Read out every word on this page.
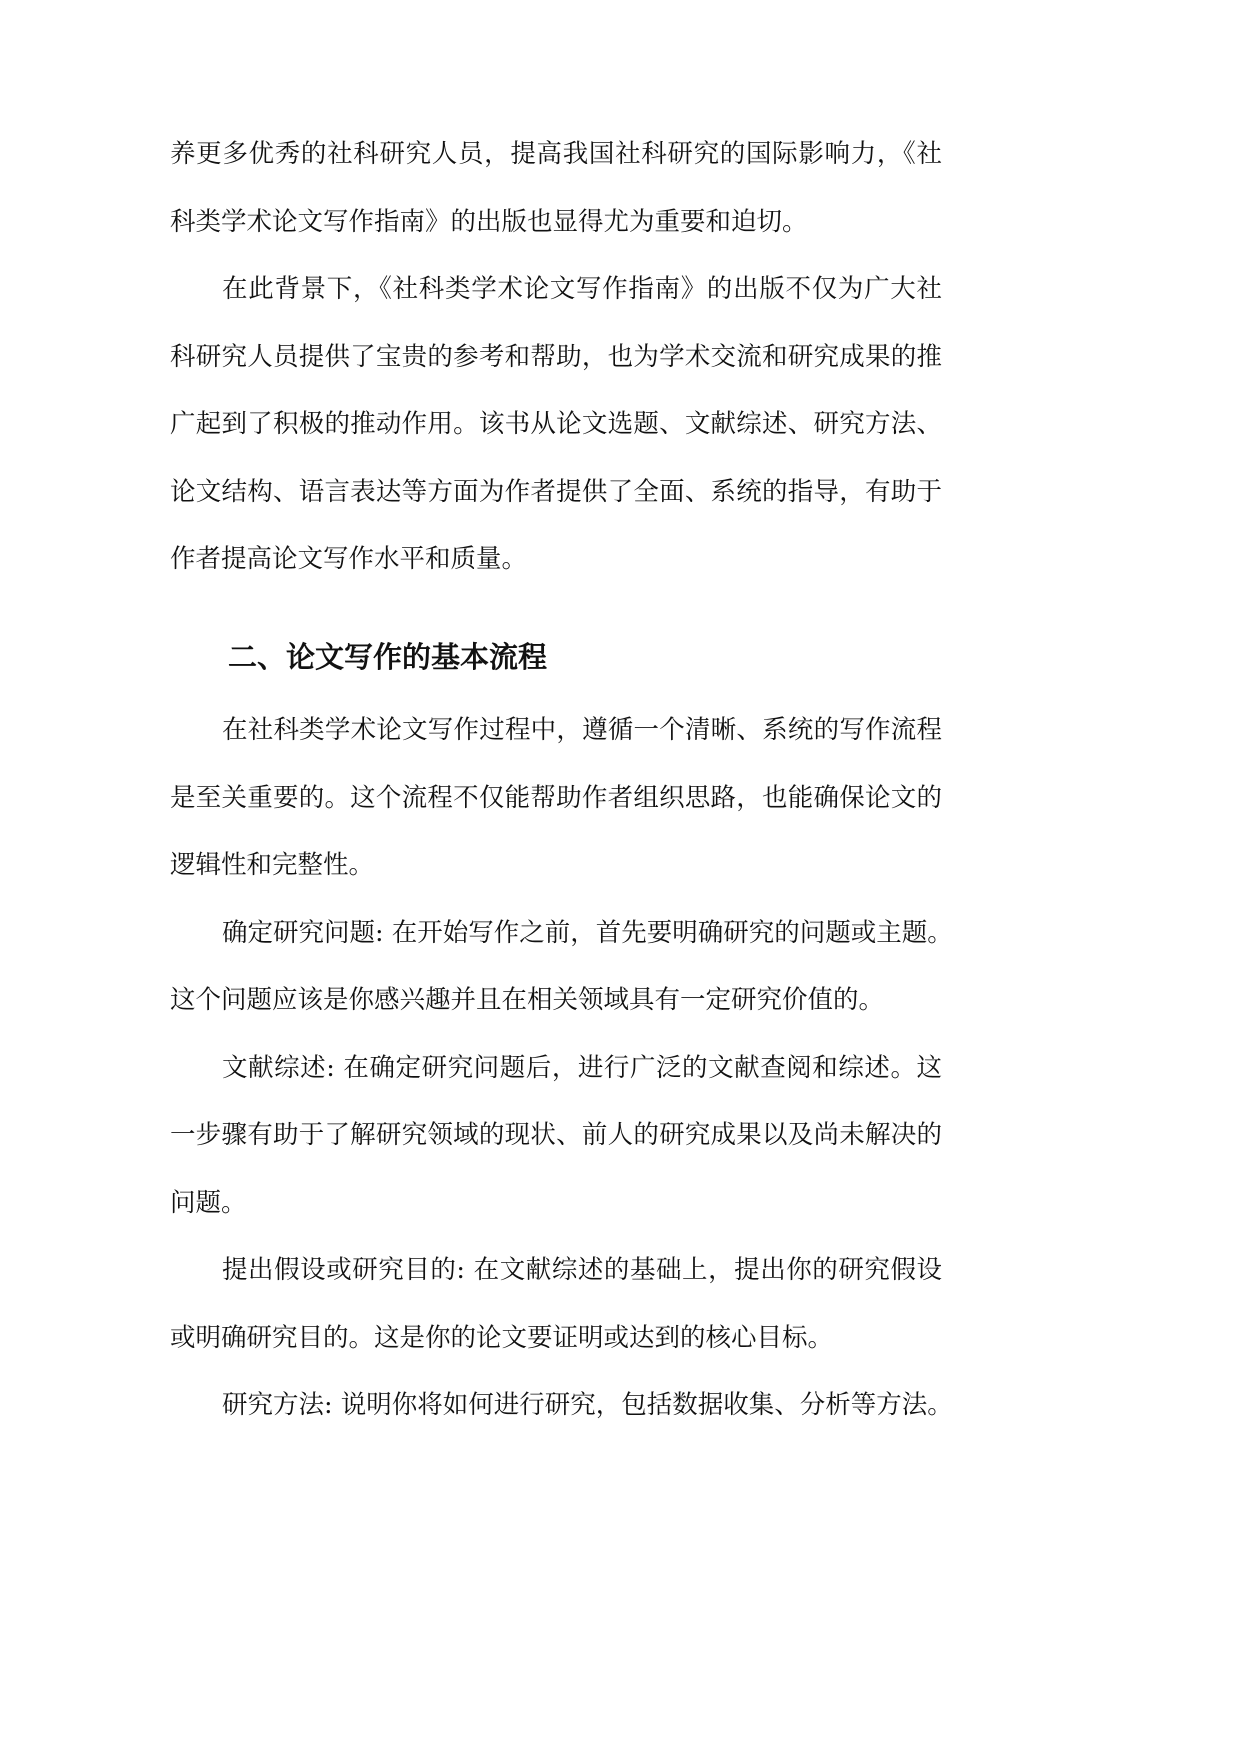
养更多优秀的社科研究人员，提高我国社科研究的国际影响力，《社
科类学术论文写作指南》的出版也显得尤为重要和迫切。
在此背景下，《社科类学术论文写作指南》的出版不仅为广大社
科研究人员提供了宝贵的参考和帮助，也为学术交流和研究成果的推
广起到了积极的推动作用。该书从论文选题、文献综述、研究方法、
论文结构、语言表达等方面为作者提供了全面、系统的指导，有助于
作者提高论文写作水平和质量。
二、论文写作的基本流程
在社科类学术论文写作过程中，遵循一个清晰、系统的写作流程
是至关重要的。这个流程不仅能帮助作者组织思路，也能确保论文的
逻辑性和完整性。
确定研究问题: 在开始写作之前，首先要明确研究的问题或主题。
这个问题应该是你感兴趣并且在相关领域具有一定研究价值的。
文献综述: 在确定研究问题后，进行广泛的文献查阅和综述。这
一步骤有助于了解研究领域的现状、前人的研究成果以及尚未解决的
问题。
提出假设或研究目的: 在文献综述的基础上，提出你的研究假设
或明确研究目的。这是你的论文要证明或达到的核心目标。
研究方法: 说明你将如何进行研究，包括数据收集、分析等方法。
